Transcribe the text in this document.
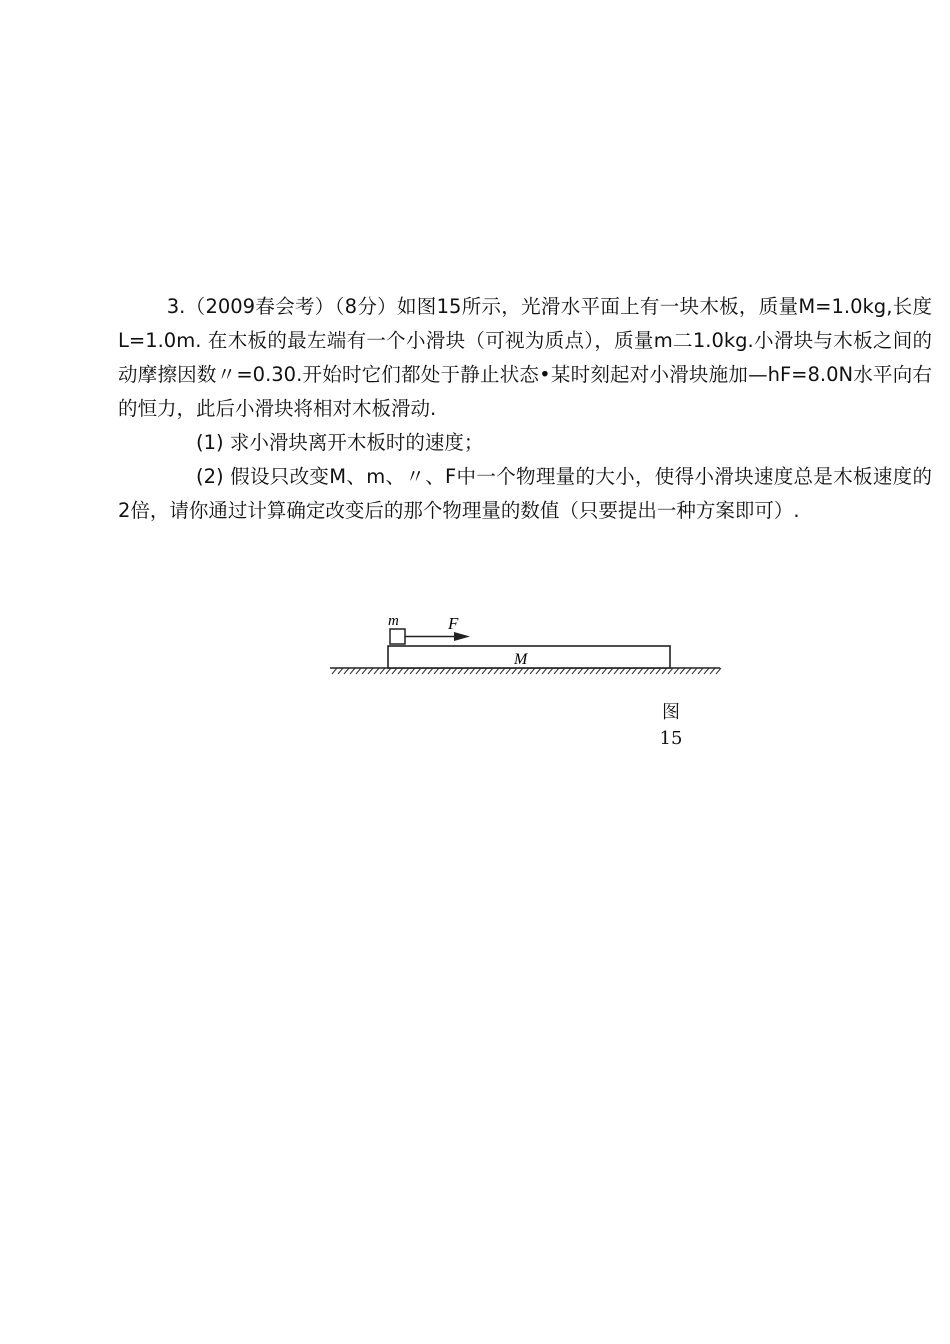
3.（2009春会考）（8分）如图15所示，光滑水平面上有一块木板，质量M=1.0kg,长度L=1.0m. 在木板的最左端有一个小滑块（可视为质点），质量m二1.0kg.小滑块与木板之间的动摩擦因数〃=0.30.开始时它们都处于静止状态•某时刻起对小滑块施加—hF=8.0N水平向右的恒力，此后小滑块将相对木板滑动.

(1) 求小滑块离开木板时的速度；

(2) 假设只改变M、m、〃、F中一个物理量的大小，使得小滑块速度总是木板速度的2倍，请你通过计算确定改变后的那个物理量的数值（只要提出一种方案即可）.

m	F
M
图
15
